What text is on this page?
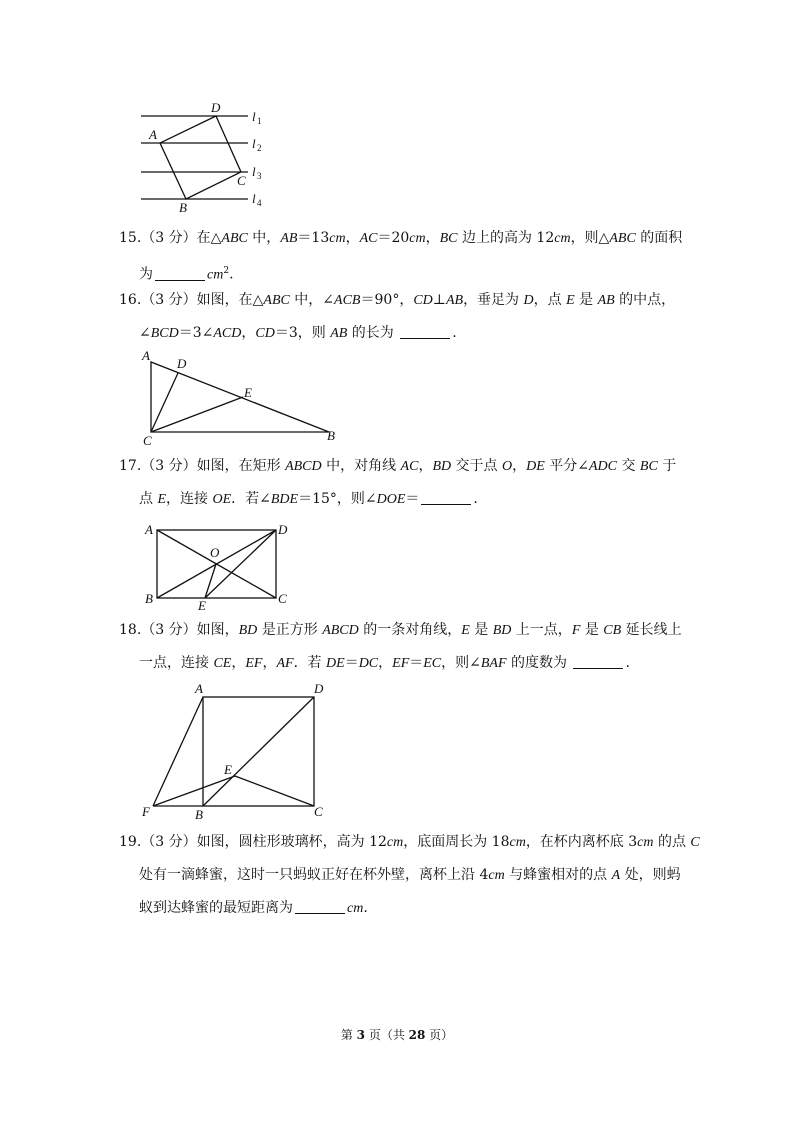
A
B
C
D
l 1
l 2
l 3
l 4
A
D
E
C	B
A	D
O
B	E	C
A	D
E
F	B	C
15.（3 分）在△ABC 中，AB＝13cm，AC＝20cm，BC 边上的高为 12cm，则△ABC 的面积
为	$cm^2$.
16.（3 分）如图，在△ABC 中，∠ACB＝90°，CD⊥AB，垂足为 D，点 E 是 AB 的中点，
∠BCD＝3∠ACD，CD＝3，则 AB 的长为	.
17.（3 分）如图，在矩形 ABCD 中，对角线 AC，BD 交于点 O，DE 平分∠ADC 交 BC 于
点 E，连接 OE．若∠BDE＝15°，则∠DOE＝	.
18.（3 分）如图，BD 是正方形 ABCD 的一条对角线，E 是 BD 上一点，F 是 CB 延长线上
一点，连接 CE，EF，AF．若 DE＝DC，EF＝EC，则∠BAF 的度数为	.
19.（3 分）如图，圆柱形玻璃杯，高为 12cm，底面周长为 18cm，在杯内离杯底 3cm 的点 C
处有一滴蜂蜜，这时一只蚂蚁正好在杯外壁，离杯上沿 4cm 与蜂蜜相对的点 A 处，则蚂
蚁到达蜂蜜的最短距离为	cm.
第 3 页（共 28 页）
